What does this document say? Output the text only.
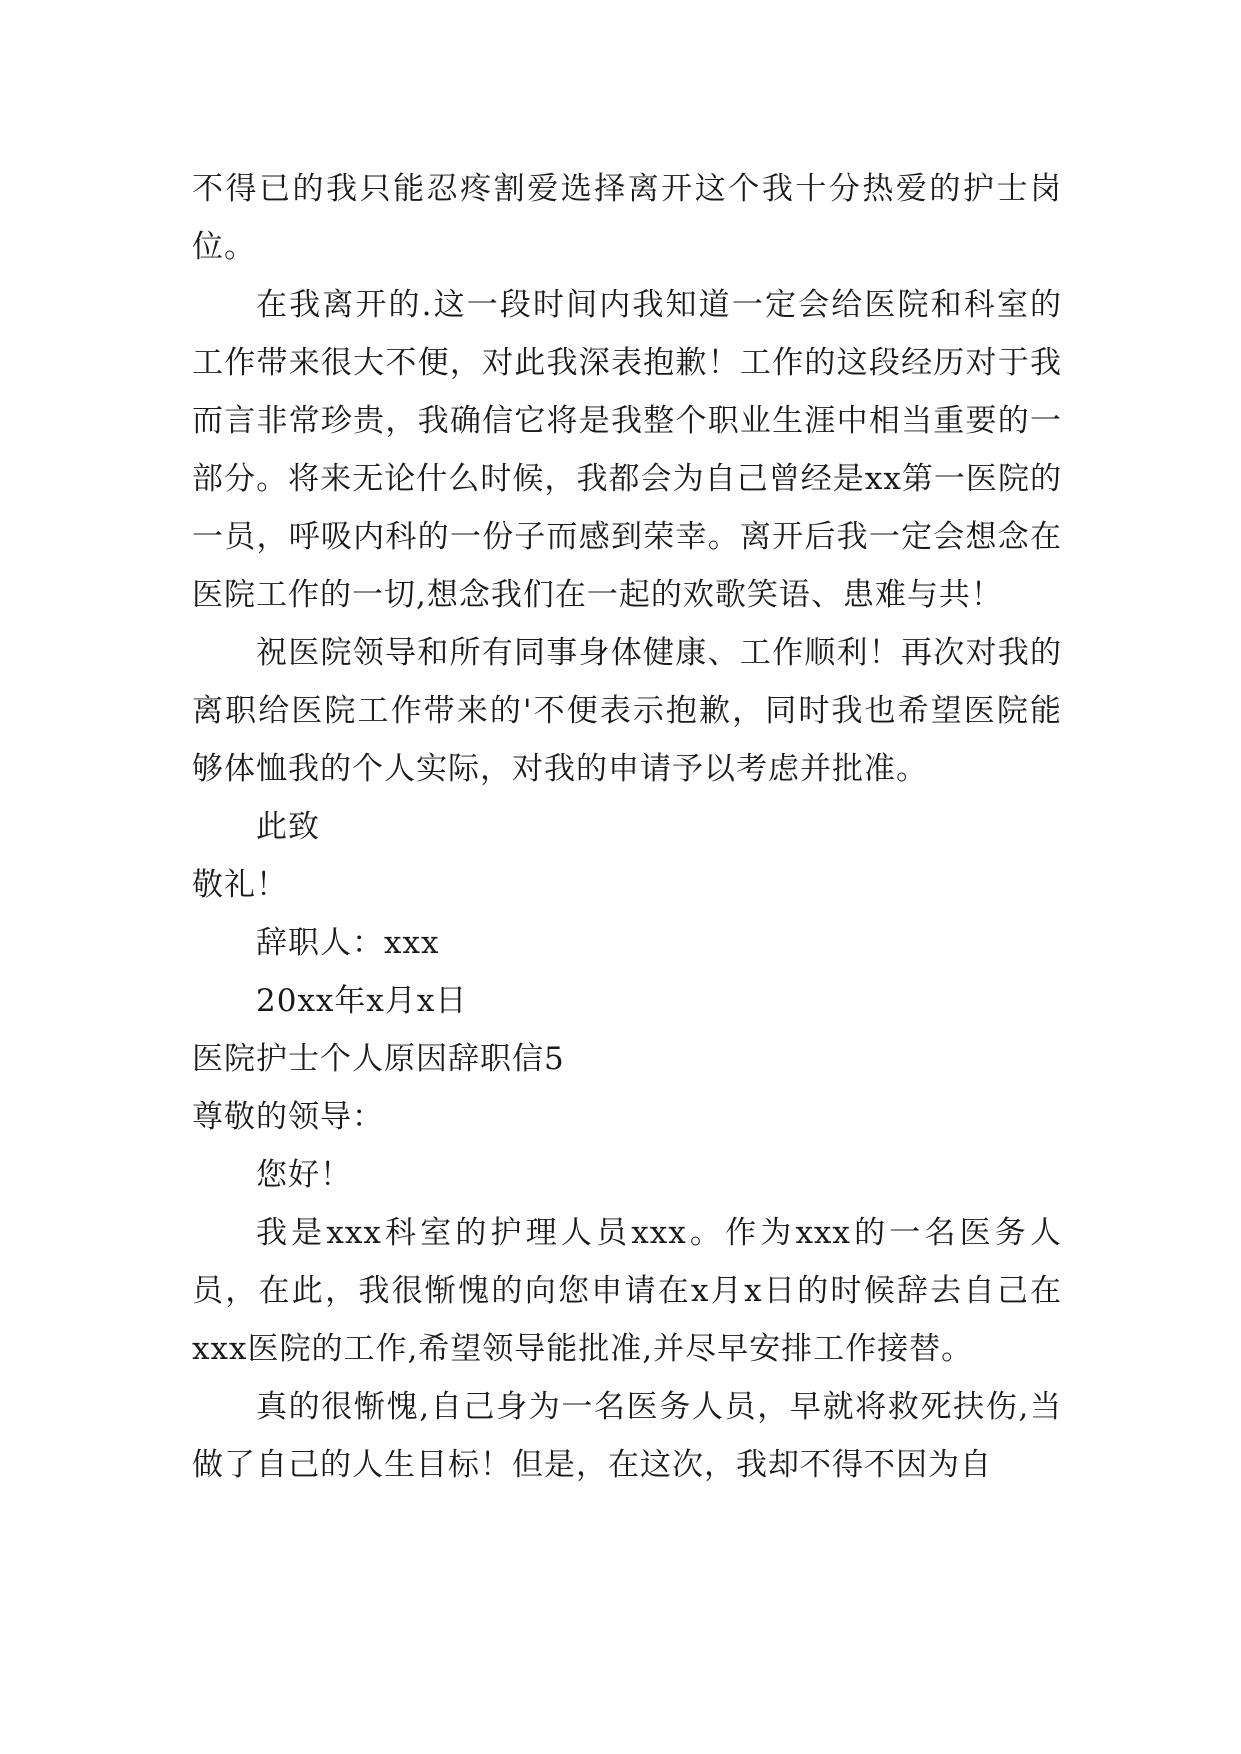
不得已的我只能忍疼割爱选择离开这个我十分热爱的护士岗位。

在我离开的.这一段时间内我知道一定会给医院和科室的工作带来很大不便，对此我深表抱歉！工作的这段经历对于我而言非常珍贵，我确信它将是我整个职业生涯中相当重要的一部分。将来无论什么时候，我都会为自己曾经是xx第一医院的一员，呼吸内科的一份子而感到荣幸。离开后我一定会想念在医院工作的一切,想念我们在一起的欢歌笑语、患难与共！

祝医院领导和所有同事身体健康、工作顺利！再次对我的离职给医院工作带来的'不便表示抱歉，同时我也希望医院能够体恤我的个人实际，对我的申请予以考虑并批准。

此致

敬礼！

辞职人：xxx

20xx年x月x日

医院护士个人原因辞职信5

尊敬的领导：

您好！

我是xxx科室的护理人员xxx。作为xxx的一名医务人员，在此，我很惭愧的向您申请在x月x日的时候辞去自己在xxx医院的工作,希望领导能批准,并尽早安排工作接替。

真的很惭愧,自己身为一名医务人员，早就将救死扶伤,当做了自己的人生目标！但是，在这次，我却不得不因为自
